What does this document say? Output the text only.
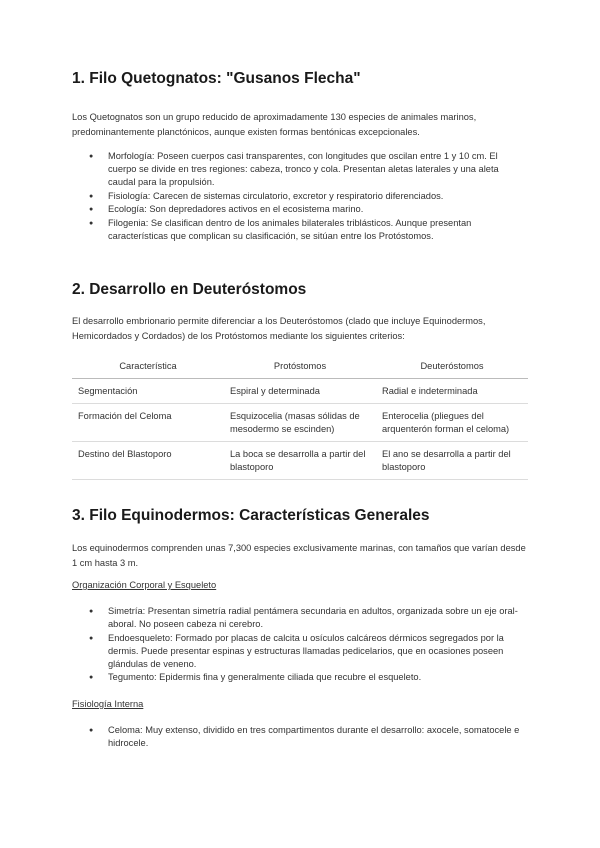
1. Filo Quetognatos: "Gusanos Flecha"

Los Quetognatos son un grupo reducido de aproximadamente 130 especies de animales marinos, predominantemente planctónicos, aunque existen formas bentónicas excepcionales.

● Morfología: Poseen cuerpos casi transparentes, con longitudes que oscilan entre 1 y 10 cm. El cuerpo se divide en tres regiones: cabeza, tronco y cola. Presentan aletas laterales y una aleta caudal para la propulsión.
● Fisiología: Carecen de sistemas circulatorio, excretor y respiratorio diferenciados.
● Ecología: Son depredadores activos en el ecosistema marino.
● Filogenia: Se clasifican dentro de los animales bilaterales triblásticos. Aunque presentan características que complican su clasificación, se sitúan entre los Protóstomos.
2. Desarrollo en Deuteróstomos

El desarrollo embrionario permite diferenciar a los Deuteróstomos (clado que incluye Equinodermos, Hemicordados y Cordados) de los Protóstomos mediante los siguientes criterios:

Característica	Protóstomos	Deuteróstomos
Segmentación	Espiral y determinada	Radial e indeterminada
Formación del Celoma	Esquizocelia (masas sólidas de mesodermo se escinden)	Enterocelia (pliegues del arquenterón forman el celoma)
Destino del Blastoporo	La boca se desarrolla a partir del blastoporo	El ano se desarrolla a partir del blastoporo
3. Filo Equinodermos: Características Generales

Los equinodermos comprenden unas 7,300 especies exclusivamente marinas, con tamaños que varían desde 1 cm hasta 3 m.

Organización Corporal y Esqueleto
● Simetría: Presentan simetría radial pentámera secundaria en adultos, organizada sobre un eje oral-aboral. No poseen cabeza ni cerebro.
● Endoesqueleto: Formado por placas de calcita u osículos calcáreos dérmicos segregados por la dermis. Puede presentar espinas y estructuras llamadas pedicelarios, que en ocasiones poseen glándulas de veneno.
● Tegumento: Epidermis fina y generalmente ciliada que recubre el esqueleto.
Fisiología Interna
● Celoma: Muy extenso, dividido en tres compartimentos durante el desarrollo: axocele, somatocele e hidrocele.
